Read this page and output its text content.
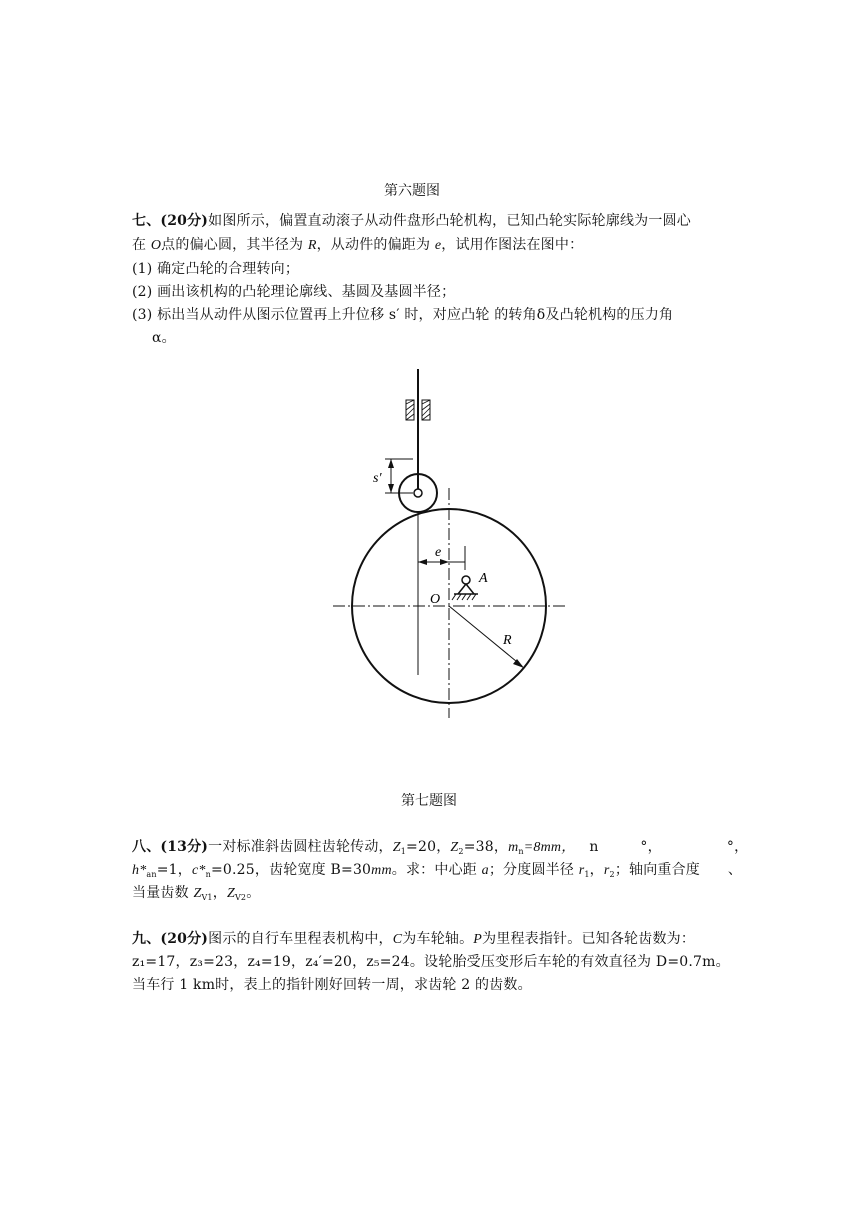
第六题图
七、(20分)如图所示，偏置直动滚子从动件盘形凸轮机构，已知凸轮实际轮廓线为一圆心
在 O点的偏心圆，其半径为 R，从动件的偏距为 e，试用作图法在图中：
(1) 确定凸轮的合理转向；
(2) 画出该机构的凸轮理论廓线、基圆及基圆半径；
(3) 标出当从动件从图示位置再上升位移 s′ 时，对应凸轮 的转角δ及凸轮机构的压力角
α。
s′
e
A
O
R
第七题图
八、(13分)一对标准斜齿圆柱齿轮传动，$Z_1=20$，$Z_2=38$，$m_n=8mm$，   n         °，              °，
$h*_{an}=1$，$c*_n=0.25$，齿轮宽度 B=30mm。求：中心距 a；分度圆半径 $r_1$，$r_2$；轴向重合度      、
当量齿数 $Z_{V1}$，$Z_{V2}$。
九、(20分)图示的自行车里程表机构中，C为车轮轴。P为里程表指针。已知各轮齿数为：
z₁=17，z₃=23，z₄=19，z₄′=20，z₅=24。设轮胎受压变形后车轮的有效直径为 D=0.7m。
当车行 1 km时，表上的指针刚好回转一周，求齿轮 2 的齿数。
